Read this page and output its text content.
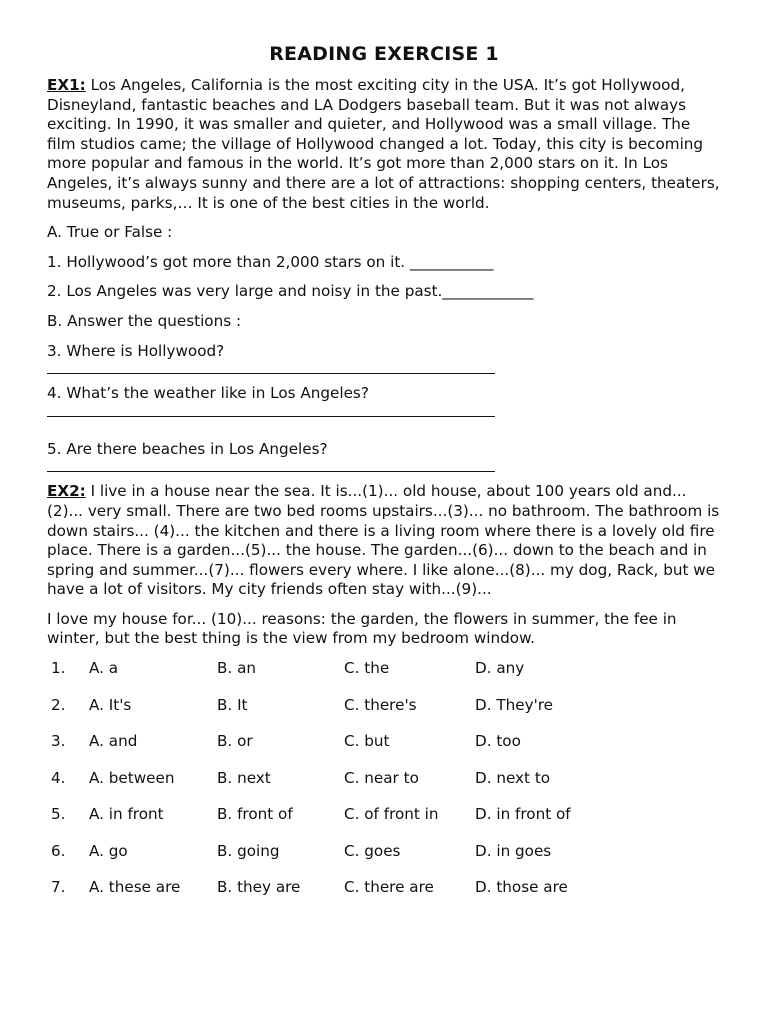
READING EXERCISE 1

EX1: Los Angeles, California is the most exciting city in the USA. It’s got Hollywood, Disneyland, fantastic beaches and LA Dodgers baseball team. But it was not always exciting. In 1990, it was smaller and quieter, and Hollywood was a small village. The film studios came; the village of Hollywood changed a lot. Today, this city is becoming more popular and famous in the world. It’s got more than 2,000 stars on it. In Los Angeles, it’s always sunny and there are a lot of attractions: shopping centers, theaters, museums, parks,… It is one of the best cities in the world.

A. True or False :

1. Hollywood’s got more than 2,000 stars on it. ___________

2. Los Angeles was very large and noisy in the past.____________

B. Answer the questions :

3. Where is Hollywood?

4. What’s the weather like in Los Angeles?

5. Are there beaches in Los Angeles?

EX2: I live in a house near the sea. It is...(1)... old house, about 100 years old and...(2)... very small. There are two bed rooms upstairs...(3)... no bathroom. The bathroom is down stairs... (4)... the kitchen and there is a living room where there is a lovely old fire place. There is a garden...(5)... the house. The garden...(6)... down to the beach and in spring and summer...(7)... flowers every where. I like alone...(8)... my dog, Rack, but we have a lot of visitors. My city friends often stay with...(9)...

I love my house for... (10)... reasons: the garden, the flowers in summer, the fee in winter, but the best thing is the view from my bedroom window.

1.	A. a	B. an	C. the	D. any
2.	A. It's	B. It	C. there's	D. They're
3.	A. and	B. or	C. but	D. too
4.	A. between	B. next	C. near to	D. next to
5.	A. in front	B. front of	C. of front in	D. in front of
6.	A. go	B. going	C. goes	D. in goes
7.	A. these are	B. they are	C. there are	D. those are
